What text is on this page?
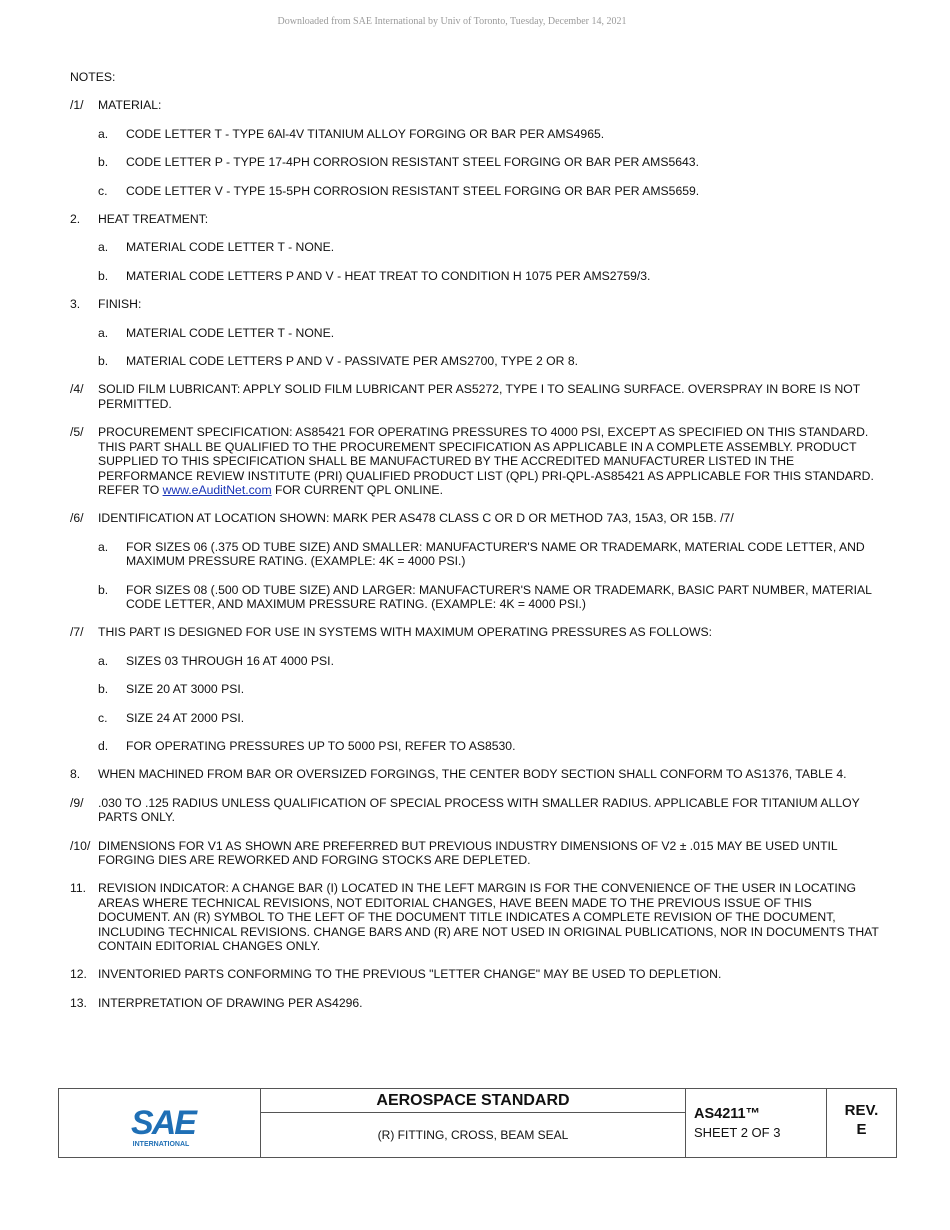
Downloaded from SAE International by Univ of Toronto, Tuesday, December 14, 2021
NOTES:
/1/ MATERIAL:
a. CODE LETTER T - TYPE 6Al-4V TITANIUM ALLOY FORGING OR BAR PER AMS4965.
b. CODE LETTER P - TYPE 17-4PH CORROSION RESISTANT STEEL FORGING OR BAR PER AMS5643.
c. CODE LETTER V - TYPE 15-5PH CORROSION RESISTANT STEEL FORGING OR BAR PER AMS5659.
2. HEAT TREATMENT:
a. MATERIAL CODE LETTER T - NONE.
b. MATERIAL CODE LETTERS P AND V - HEAT TREAT TO CONDITION H 1075 PER AMS2759/3.
3. FINISH:
a. MATERIAL CODE LETTER T - NONE.
b. MATERIAL CODE LETTERS P AND V - PASSIVATE PER AMS2700, TYPE 2 OR 8.
/4/ SOLID FILM LUBRICANT: APPLY SOLID FILM LUBRICANT PER AS5272, TYPE I TO SEALING SURFACE. OVERSPRAY IN BORE IS NOT PERMITTED.
/5/ PROCUREMENT SPECIFICATION: AS85421 FOR OPERATING PRESSURES TO 4000 PSI, EXCEPT AS SPECIFIED ON THIS STANDARD. THIS PART SHALL BE QUALIFIED TO THE PROCUREMENT SPECIFICATION AS APPLICABLE IN A COMPLETE ASSEMBLY. PRODUCT SUPPLIED TO THIS SPECIFICATION SHALL BE MANUFACTURED BY THE ACCREDITED MANUFACTURER LISTED IN THE PERFORMANCE REVIEW INSTITUTE (PRI) QUALIFIED PRODUCT LIST (QPL) PRI-QPL-AS85421 AS APPLICABLE FOR THIS STANDARD. REFER TO www.eAuditNet.com FOR CURRENT QPL ONLINE.
/6/ IDENTIFICATION AT LOCATION SHOWN: MARK PER AS478 CLASS C OR D OR METHOD 7A3, 15A3, OR 15B. /7/
a. FOR SIZES 06 (.375 OD TUBE SIZE) AND SMALLER: MANUFACTURER'S NAME OR TRADEMARK, MATERIAL CODE LETTER, AND MAXIMUM PRESSURE RATING. (EXAMPLE: 4K = 4000 PSI.)
b. FOR SIZES 08 (.500 OD TUBE SIZE) AND LARGER: MANUFACTURER'S NAME OR TRADEMARK, BASIC PART NUMBER, MATERIAL CODE LETTER, AND MAXIMUM PRESSURE RATING. (EXAMPLE: 4K = 4000 PSI.)
/7/ THIS PART IS DESIGNED FOR USE IN SYSTEMS WITH MAXIMUM OPERATING PRESSURES AS FOLLOWS:
a. SIZES 03 THROUGH 16 AT 4000 PSI.
b. SIZE 20 AT 3000 PSI.
c. SIZE 24 AT 2000 PSI.
d. FOR OPERATING PRESSURES UP TO 5000 PSI, REFER TO AS8530.
8. WHEN MACHINED FROM BAR OR OVERSIZED FORGINGS, THE CENTER BODY SECTION SHALL CONFORM TO AS1376, TABLE 4.
/9/ .030 TO .125 RADIUS UNLESS QUALIFICATION OF SPECIAL PROCESS WITH SMALLER RADIUS. APPLICABLE FOR TITANIUM ALLOY PARTS ONLY.
/10/ DIMENSIONS FOR V1 AS SHOWN ARE PREFERRED BUT PREVIOUS INDUSTRY DIMENSIONS OF V2 ± .015 MAY BE USED UNTIL FORGING DIES ARE REWORKED AND FORGING STOCKS ARE DEPLETED.
11. REVISION INDICATOR: A CHANGE BAR (I) LOCATED IN THE LEFT MARGIN IS FOR THE CONVENIENCE OF THE USER IN LOCATING AREAS WHERE TECHNICAL REVISIONS, NOT EDITORIAL CHANGES, HAVE BEEN MADE TO THE PREVIOUS ISSUE OF THIS DOCUMENT. AN (R) SYMBOL TO THE LEFT OF THE DOCUMENT TITLE INDICATES A COMPLETE REVISION OF THE DOCUMENT, INCLUDING TECHNICAL REVISIONS. CHANGE BARS AND (R) ARE NOT USED IN ORIGINAL PUBLICATIONS, NOR IN DOCUMENTS THAT CONTAIN EDITORIAL CHANGES ONLY.
12. INVENTORIED PARTS CONFORMING TO THE PREVIOUS "LETTER CHANGE" MAY BE USED TO DEPLETION.
13. INTERPRETATION OF DRAWING PER AS4296.
SAE
INTERNATIONAL
AEROSPACE STANDARD
(R) FITTING, CROSS, BEAM SEAL
AS4211™
SHEET 2 OF 3
REV.
E
